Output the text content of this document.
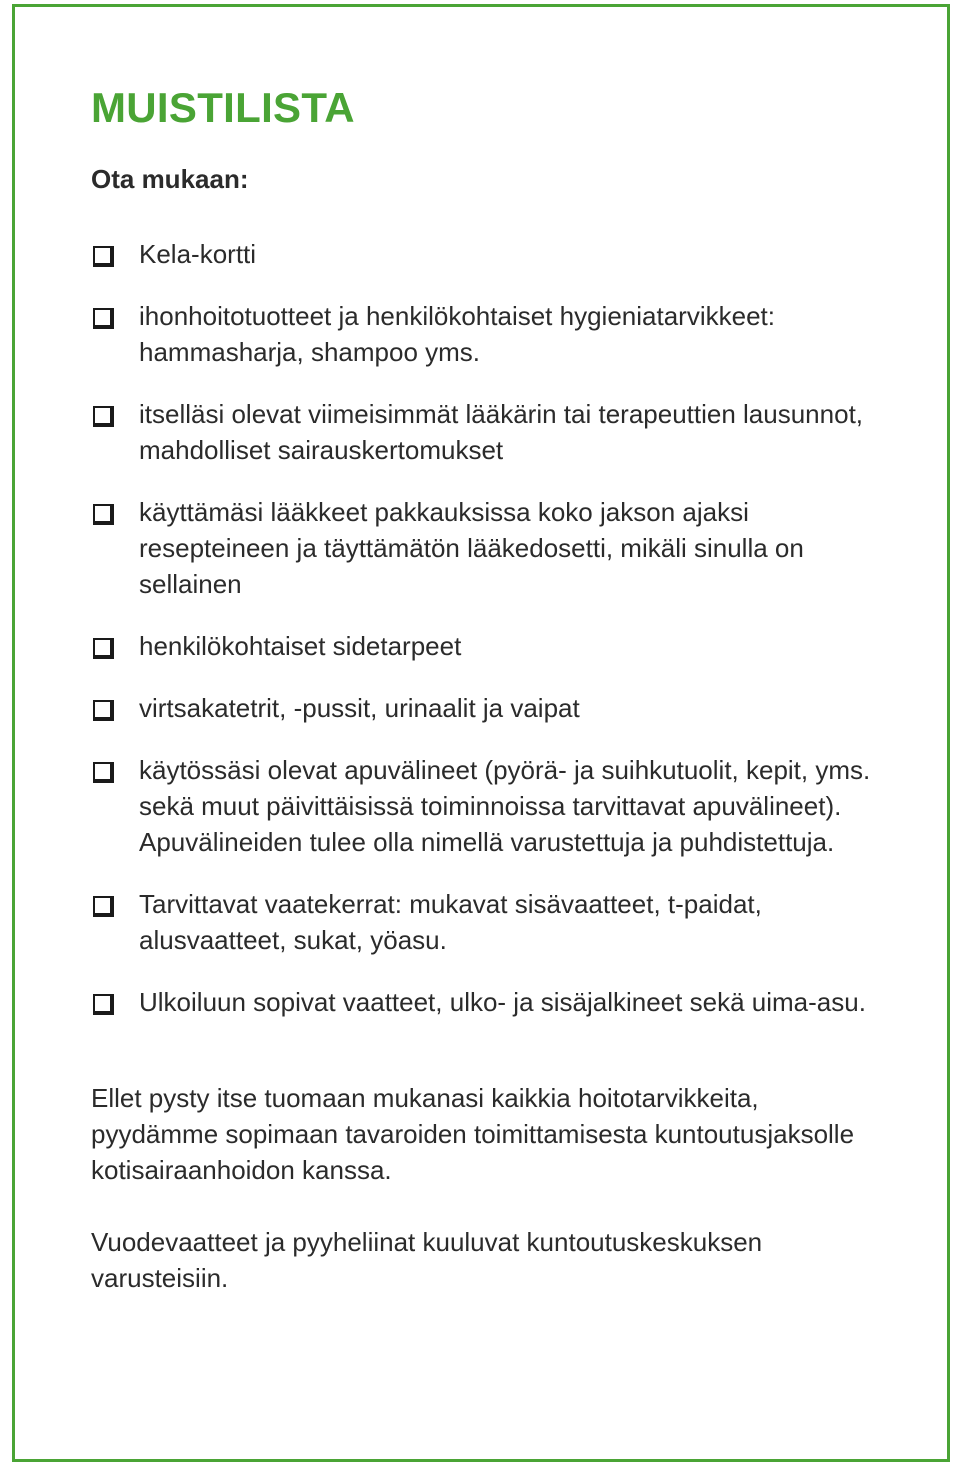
MUISTILISTA
Ota mukaan:
Kela-kortti
ihonhoitotuotteet ja henkilökohtaiset hygieniatarvikkeet: hammasharja, shampoo yms.
itselläsi olevat viimeisimmät lääkärin tai terapeuttien lausunnot, mahdolliset sairauskertomukset
käyttämäsi lääkkeet pakkauksissa koko jakson ajaksi resepteineen ja täyttämätön lääkedosetti, mikäli sinulla on sellainen
henkilökohtaiset sidetarpeet
virtsakatetrit, -pussit, urinaalit ja vaipat
käytössäsi olevat apuvälineet (pyörä- ja suihkutuolit, kepit, yms. sekä muut päivittäisissä toiminnoissa tarvittavat apuvälineet). Apuvälineiden tulee olla nimellä varustettuja ja puhdistettuja.
Tarvittavat vaatekerrat: mukavat sisävaatteet, t-paidat, alusvaatteet, sukat, yöasu.
Ulkoiluun sopivat vaatteet, ulko- ja sisäjalkineet sekä uima-asu.

Ellet pysty itse tuomaan mukanasi kaikkia hoitotarvikkeita, pyydämme sopimaan tavaroiden toimittamisesta kuntoutusjaksolle kotisairaanhoidon kanssa.

Vuodevaatteet ja pyyheliinat kuuluvat kuntoutuskeskuksen varusteisiin.
